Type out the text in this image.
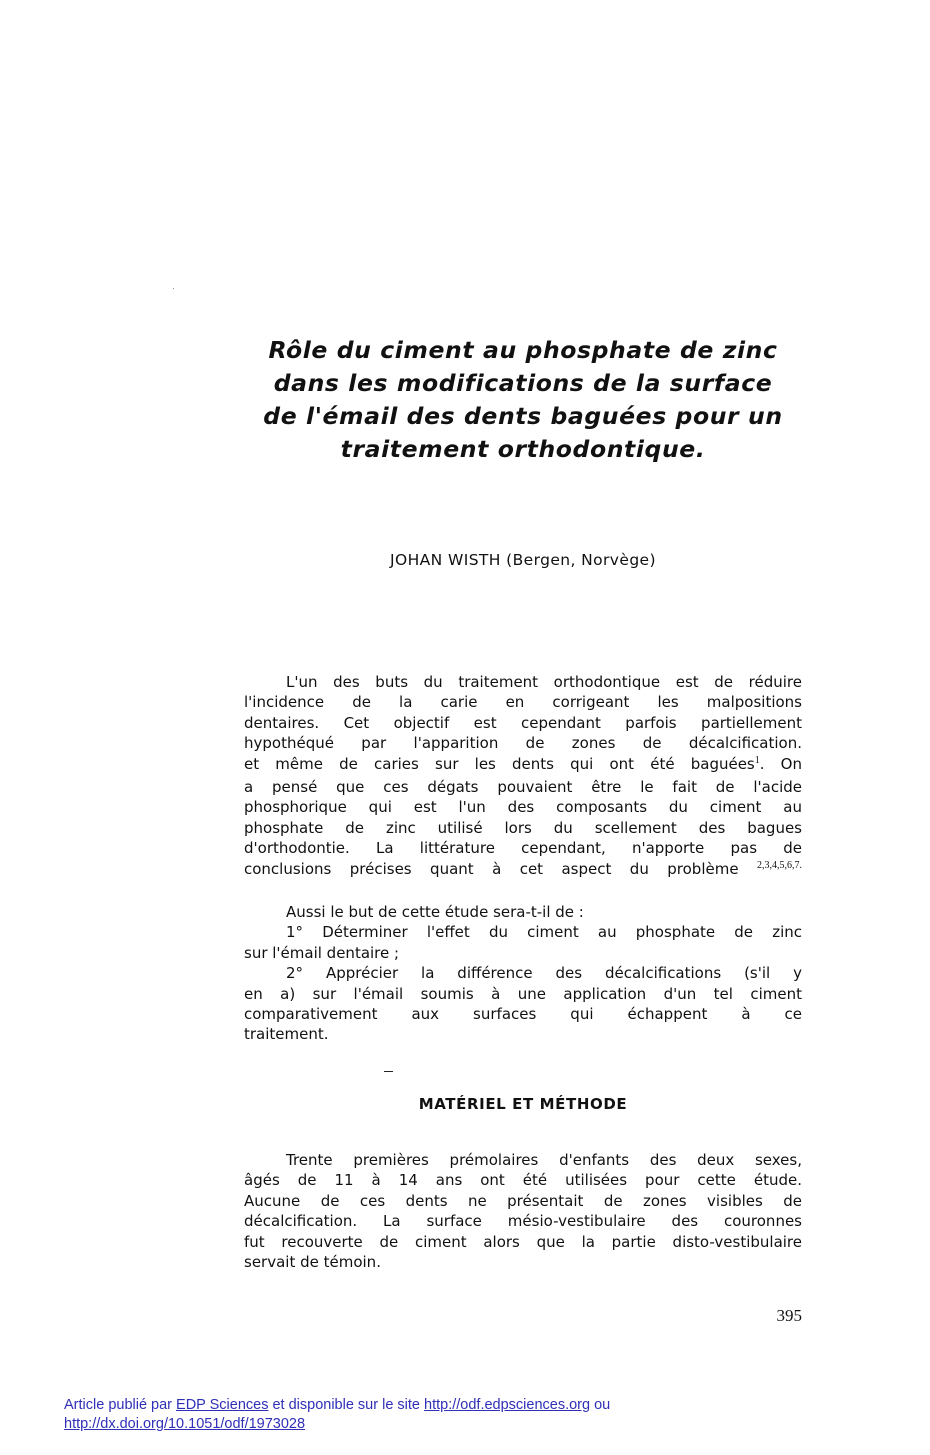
Rôle du ciment au phosphate de zinc
dans les modifications de la surface
de l'émail des dents baguées pour un
traitement orthodontique.
JOHAN WISTH (Bergen, Norvège)
L'un des buts du traitement orthodontique est de réduire
l'incidence de la carie en corrigeant les malpositions
dentaires. Cet objectif est cependant parfois partiellement
hypothéqué par l'apparition de zones de décalcification.
et même de caries sur les dents qui ont été baguées$^1$. On
a pensé que ces dégats pouvaient être le fait de l'acide
phosphorique qui est l'un des composants du ciment au
phosphate de zinc utilisé lors du scellement des bagues
d'orthodontie. La littérature cependant, n'apporte pas de
conclusions précises quant à cet aspect du problème $^{2,3,4,5,6,7.}$
Aussi le but de cette étude sera-t-il de :
1° Déterminer l'effet du ciment au phosphate de zinc
sur l'émail dentaire ;
2° Apprécier la différence des décalcifications (s'il y
en a) sur l'émail soumis à une application d'un tel ciment
comparativement aux surfaces qui échappent à ce
traitement.
MATÉRIEL ET MÉTHODE
Trente premières prémolaires d'enfants des deux sexes,
âgés de 11 à 14 ans ont été utilisées pour cette étude.
Aucune de ces dents ne présentait de zones visibles de
décalcification. La surface mésio-vestibulaire des couronnes
fut recouverte de ciment alors que la partie disto-vestibulaire
servait de témoin.
395
Article publié par EDP Sciences et disponible sur le site http://odf.edpsciences.org ou
http://dx.doi.org/10.1051/odf/1973028
